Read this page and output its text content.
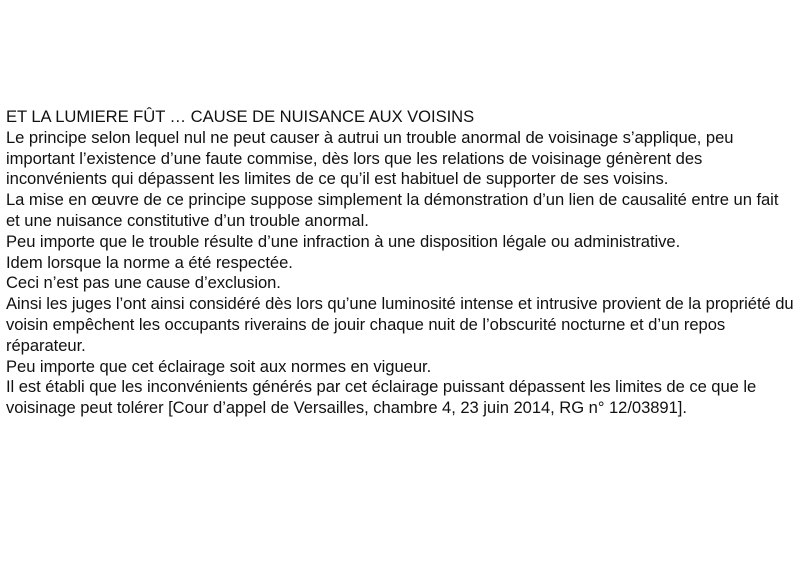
ET LA LUMIERE FÛT … CAUSE DE NUISANCE AUX VOISINS

Le principe selon lequel nul ne peut causer à autrui un trouble anormal de voisinage s’applique, peu important l’existence d’une faute commise, dès lors que les relations de voisinage génèrent des inconvénients qui dépassent les limites de ce qu’il est habituel de supporter de ses voisins.

La mise en œuvre de ce principe suppose simplement la démonstration d’un lien de causalité entre un fait et une nuisance constitutive d’un trouble anormal.

Peu importe que le trouble résulte d’une infraction à une disposition légale ou administrative.

Idem lorsque la norme a été respectée.

Ceci n’est pas une cause d’exclusion.

Ainsi les juges l’ont ainsi considéré dès lors qu’une luminosité intense et intrusive provient de la propriété du voisin empêchent les occupants riverains de jouir chaque nuit de l’obscurité nocturne et d’un repos réparateur.

Peu importe que cet éclairage soit aux normes en vigueur.

Il est établi que les inconvénients générés par cet éclairage puissant dépassent les limites de ce que le voisinage peut tolérer [Cour d’appel de Versailles, chambre 4, 23 juin 2014, RG n° 12/03891].
